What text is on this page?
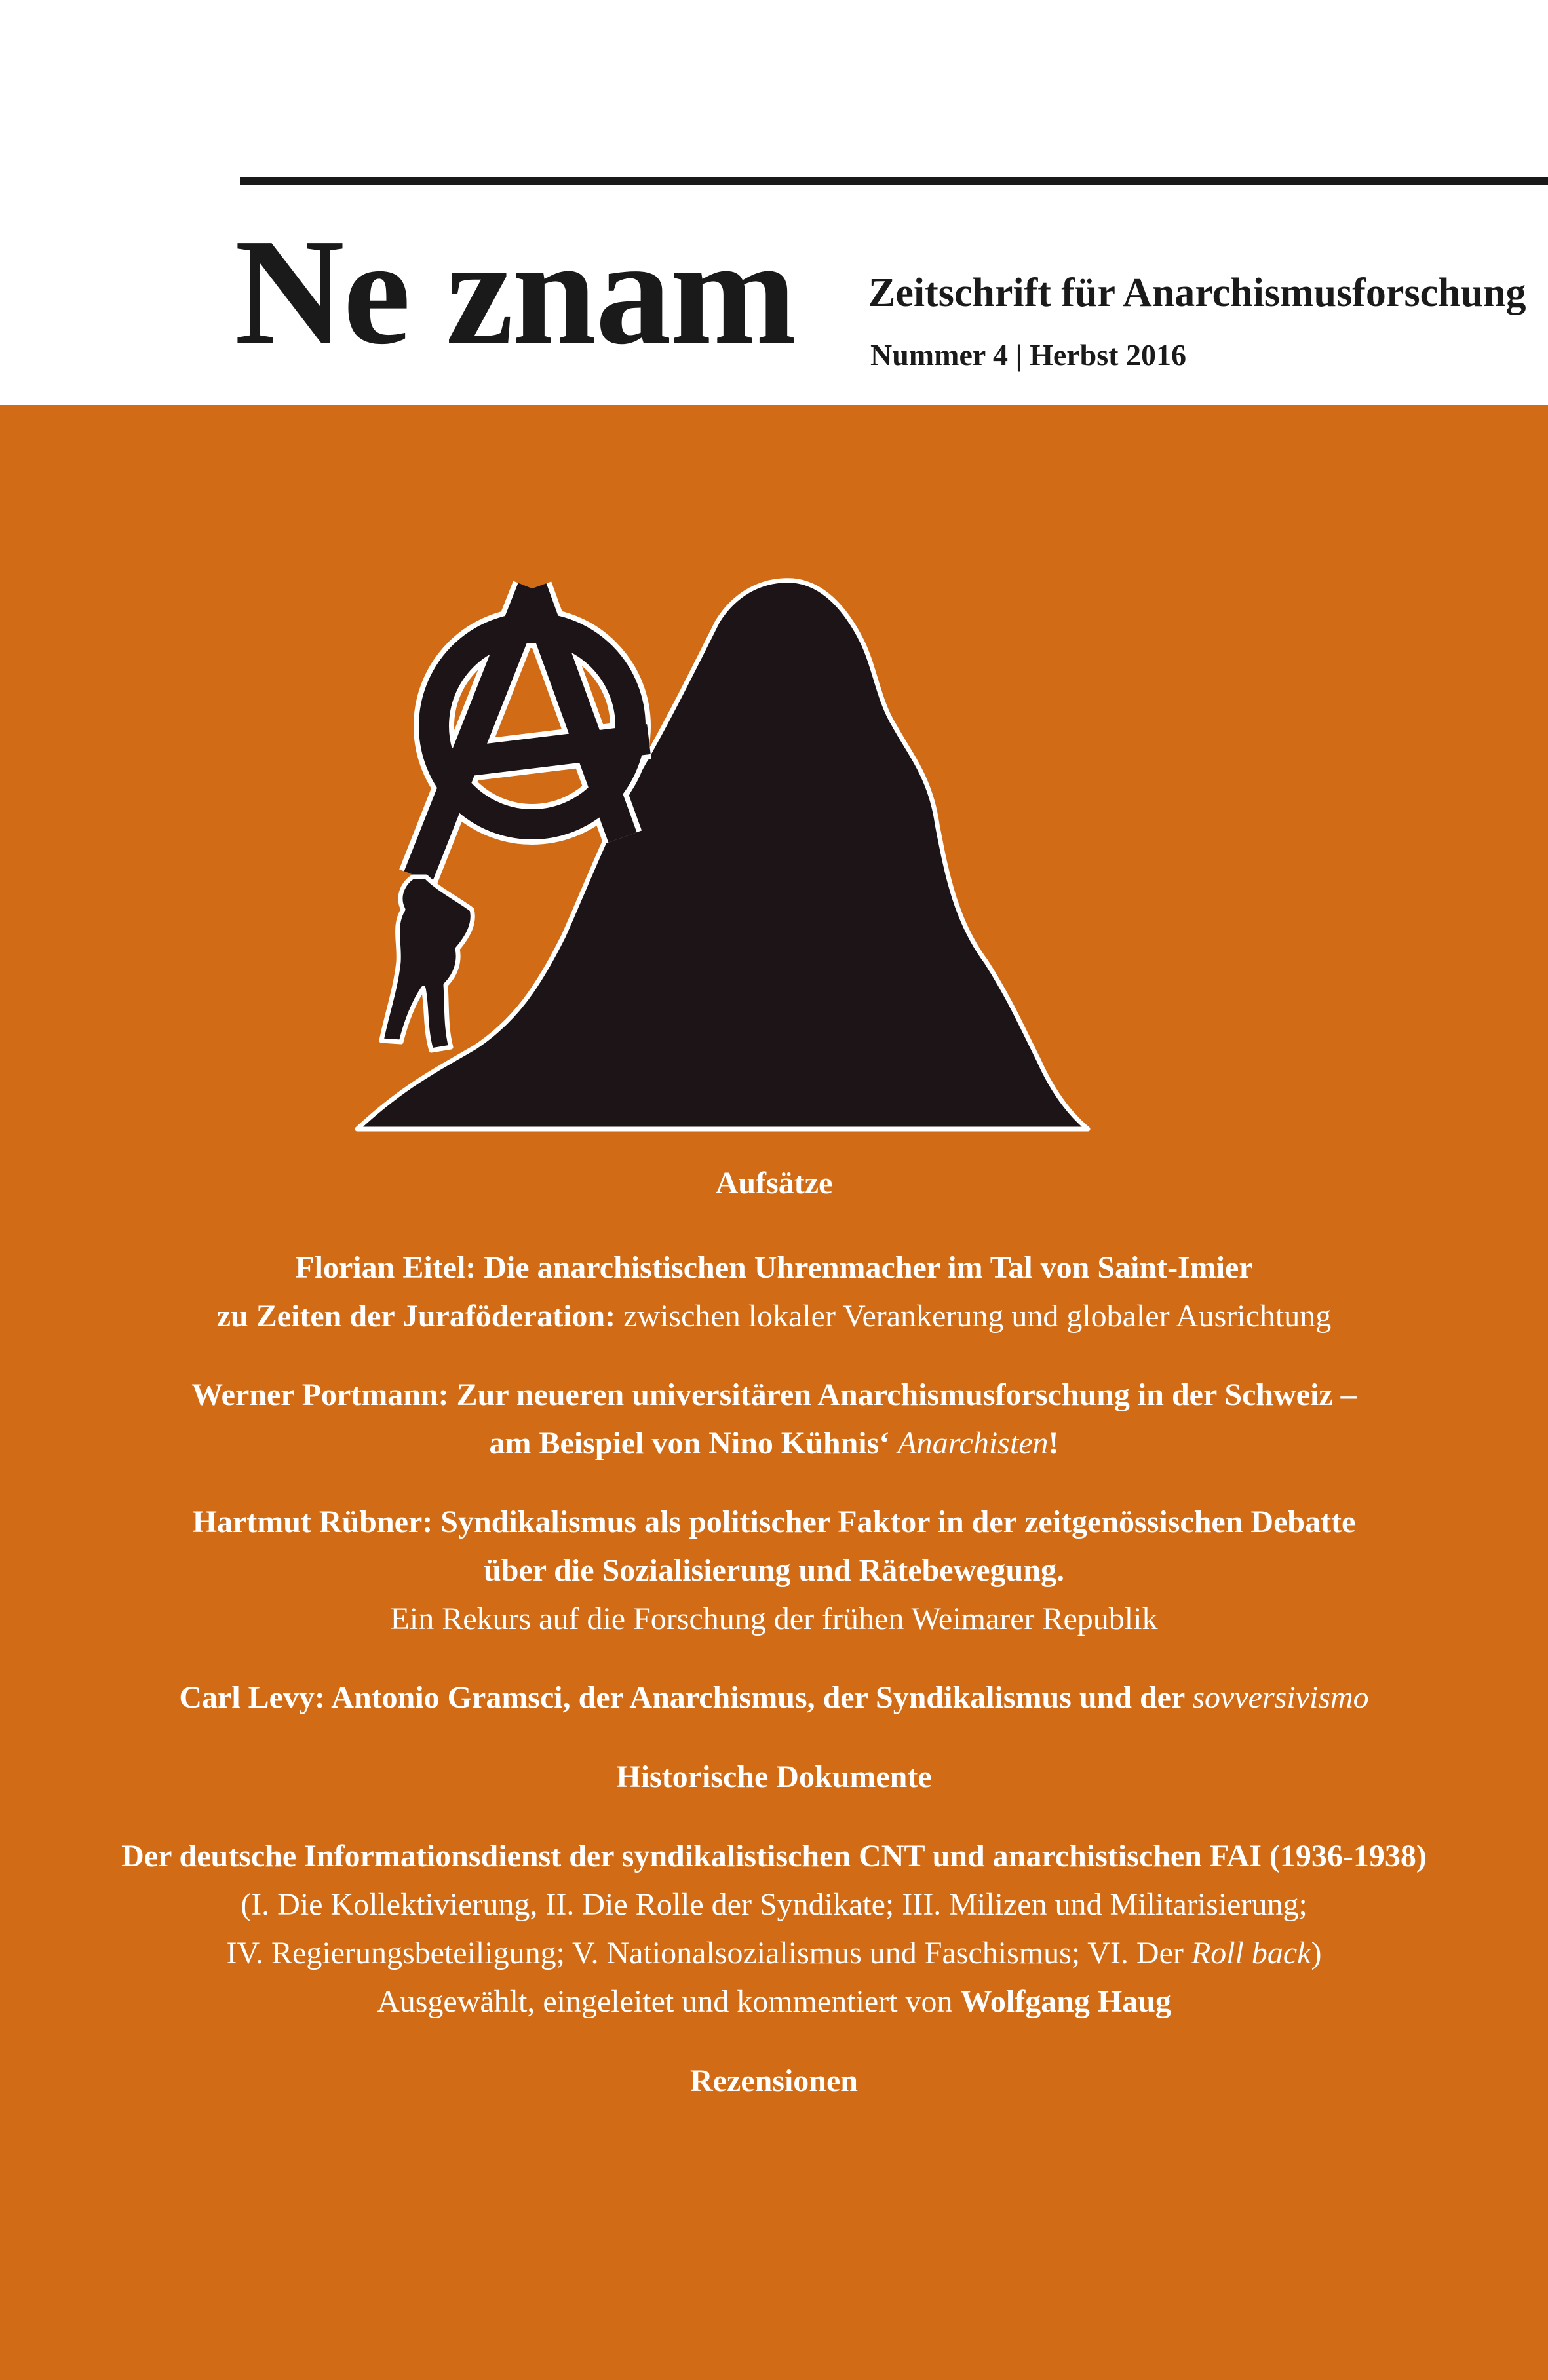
Ne znam Zeitschrift für Anarchismusforschung
Nummer 4 | Herbst 2016

Aufsätze

Florian Eitel: Die anarchistischen Uhrenmacher im Tal von Saint-Imier

zu Zeiten der Juraföderation: zwischen lokaler Verankerung und globaler Ausrichtung

Werner Portmann: Zur neueren universitären Anarchismusforschung in der Schweiz –

am Beispiel von Nino Kühnis‘ Anarchisten!

Hartmut Rübner: Syndikalismus als politischer Faktor in der zeitgenössischen Debatte

über die Sozialisierung und Rätebewegung.

Ein Rekurs auf die Forschung der frühen Weimarer Republik

Carl Levy: Antonio Gramsci, der Anarchismus, der Syndikalismus und der sovversivismo

Historische Dokumente

Der deutsche Informationsdienst der syndikalistischen CNT und anarchistischen FAI (1936-1938)

(I. Die Kollektivierung, II. Die Rolle der Syndikate; III. Milizen und Militarisierung;

IV. Regierungsbeteiligung; V. Nationalsozialismus und Faschismus; VI. Der Roll back)

Ausgewählt, eingeleitet und kommentiert von Wolfgang Haug

Rezensionen
